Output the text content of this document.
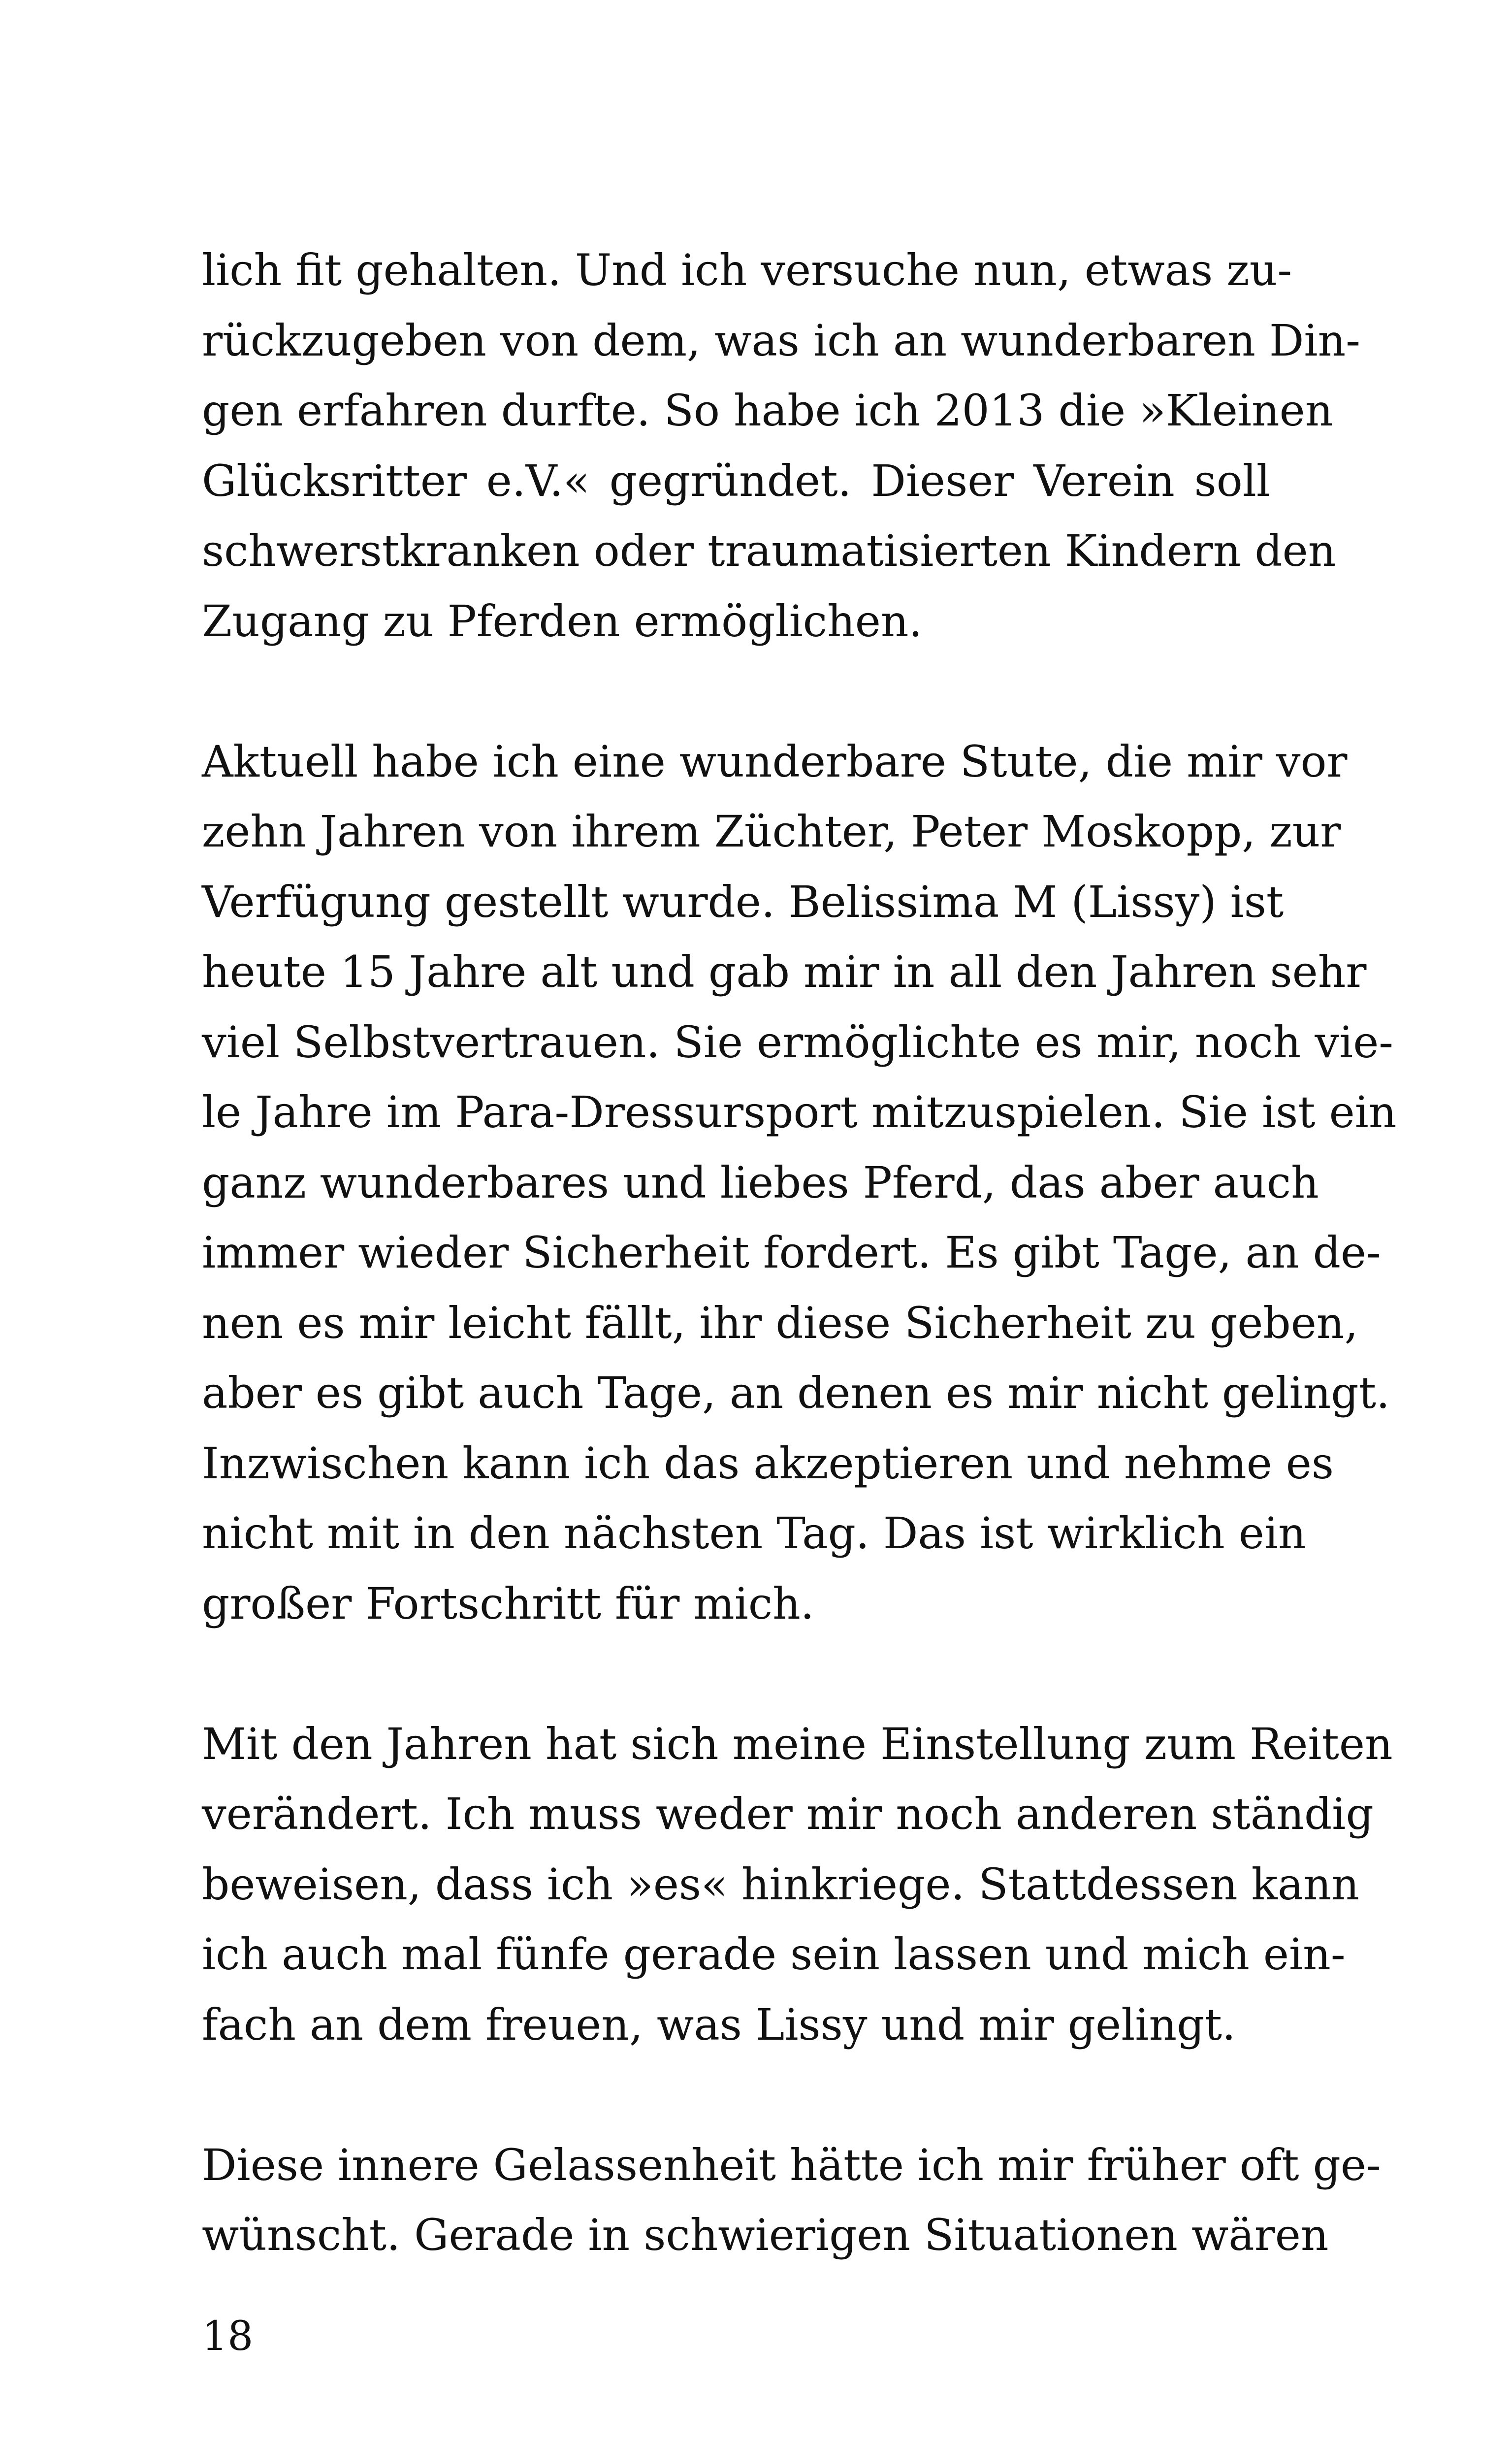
lich fit gehalten. Und ich versuche nun, etwas zu-
rückzugeben von dem, was ich an wunderbaren Din-
gen erfahren durfte. So habe ich 2013 die »Kleinen
Glücksritter e.V.« gegründet. Dieser Verein soll
schwerstkranken oder traumatisierten Kindern den
Zugang zu Pferden ermöglichen.
Aktuell habe ich eine wunderbare Stute, die mir vor
zehn Jahren von ihrem Züchter, Peter Moskopp, zur
Verfügung gestellt wurde. Belissima M (Lissy) ist
heute 15 Jahre alt und gab mir in all den Jahren sehr
viel Selbstvertrauen. Sie ermöglichte es mir, noch vie-
le Jahre im Para-Dressursport mitzuspielen. Sie ist ein
ganz wunderbares und liebes Pferd, das aber auch
immer wieder Sicherheit fordert. Es gibt Tage, an de-
nen es mir leicht fällt, ihr diese Sicherheit zu geben,
aber es gibt auch Tage, an denen es mir nicht gelingt.
Inzwischen kann ich das akzeptieren und nehme es
nicht mit in den nächsten Tag. Das ist wirklich ein
großer Fortschritt für mich.
Mit den Jahren hat sich meine Einstellung zum Reiten
verändert. Ich muss weder mir noch anderen ständig
beweisen, dass ich »es« hinkriege. Stattdessen kann
ich auch mal fünfe gerade sein lassen und mich ein-
fach an dem freuen, was Lissy und mir gelingt.
Diese innere Gelassenheit hätte ich mir früher oft ge-
wünscht. Gerade in schwierigen Situationen wären
18
